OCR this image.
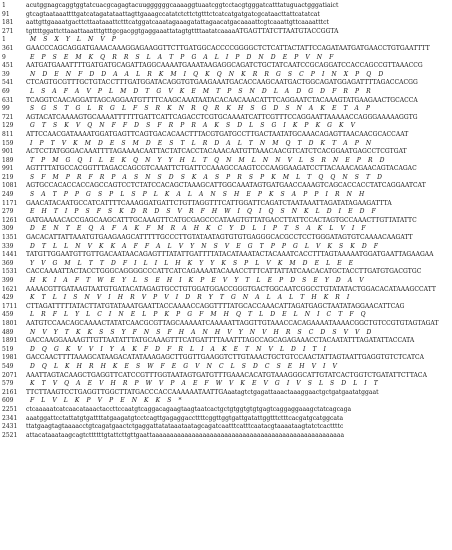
1	acutggnagcaggtggtatcuacgcagagtacuuggggggcaaaaggtuaatcggtcctacgtgggatcatttatuguactgggatiaict
91	gtcagtaataaattttgatcatagatataattagttgaaagccatatctcttctgtttctcatcatgatgatcgcataacttattcatatcat
181	aattgttgaaaatgacttcttaataaattctttcatggatcaaatagaaagatattagaacatgacaaaattcgtcaaattgttcaaaatttct
271	tgttttggattcttaaattaaatttgtttgcgacggtgaggaaattatagtgttttaatatcaaaaATGAGTTATCTTAATGTACCGGTA
1	M S X Y L N V P
361	GAACCCAGCAGGATGAAACAAAGGAGAAGGTTCTTGATGGCACCCCGGGGCTCTCATTACTATTCCAGATAATGATGAACCTGTGAATTTT
9	E P S E M K Q R R S L A T P G A L I P D N D E P V N F
451	AATGATGAAATTTTGATGATGCAGATTAGGCAAAATGAAATAAGAGGCAGATCTGCTATCAATCCGCAGGATCCACCAGCCGTTAAACCG
39	N D E N F D D A A L R K M I Q K Q N K R R G S C P I N X P Q D
541	CTCAGTGCGTTTGCTGTACCTTTGATGGATACAGGTGTGAAGAAATGACACCAAGCAATGACTGGCAGATGGAGATTTTAGACCACGG
69	L S A F A V P L M D T G V K E M T P S N D L A D G D F R P R
631	TCAGGTCAACAGGATTAGCAGGAATGTTTTCAAGCAAATAATACACAACAAACATTTCAGGAATCTACAAAGTATGAAGAACTGCACCA
99	S G S T G L R G L F S R K N R Q R K H S G D S N A K E T A P
721	AGTACATCAAAAGTGCAAAATTTTTTGATTCATTCAGACCTCGTGCAAAATCATTCGTTTCCAGGAATTAAAAACCAGGGAAAAAGGTG
129	G T S K V Q N F F D S F R P R A K S D L S G I K P K G K V
811	ATTCCAACGATAAAATGGATGAGTTCAGTGACACAACTTTACGTGATGCCTTGACTAATATGCAAACAGAGTTAACAACGCACCAAT
159	I P T V K M D E S M D E S T L R D A L T N M Q T D K T A P N
901	ACTCCTATGGGACAAATTTTAGAAAACAATTACTATCACCTACAAACAATGTTAAACAACGTCATCTCACGGAATGAGCCTCGTGAT
189	T P M G Q I L E K Q N Y Y H L T Q N M L N N V L S R N E P R D
991	AGTTTTATGCCACGGTTTAGACCAGCGTCAAATTCTGATTCCAAAGCCAAGTCCCAAGGAAGATCCTTACAAACAGAACAGTACAGAC
219	S F M P R F R P A S N S D S K A S P R S P K M L T Q Q N S T D
1081	AGTGCCACACCACCAGCCAGTCCTCTATCCACAGCTAAAGCATTGGCAAATAGTGATGAACCAAAGTCAGCACCACCTATCAGGAATCAT
249	S A T P P G S P L S P L K A L A N S H E P K S A P P I R N H
1171	GAACATACAATGCCATCATTTTCAAAGGATGATTCTGTTAGGTTTCATTGGATTCAGATCTAATAAATTAGATATAGAAGATTTA
279	E H T I P S F S K D R D S V R F H W I Q I Q S N K L D I E D F
1261	GATGAAAACACCGAGCAAGCATTTGCAAAGTTCATGCGAGCCCATAAGTGTTATGACCTTATTCCACTAGTGCCAAACTTGTTATATTC
309	D E N T E Q A F A K F M R A H K C Y D L I P T S A K L V I F
1351	GACACATTATTAAATGTGAAGAAGCATTTTTGCCCTTGTATAATAGTGTGTGAGGGCACGCCTCCTGGGATAGTGTCAAAACAAGATT
339	D T L L N V K K A F F A L V Y N S V E G T P P G L V K S K D F
1441	TATGTTGGAATGTTGTTGACAATAACAGAGTTTATATTGATTTTATACATAAATACTACAAATCACCTTTAGTAAAAATGGATGAATTAGAAGAA
369	Y V G M L T T D F I L I L H K Y Y K S P L V K M D E L E E
1531	CACCAAAATTACTACCTGGGCAGGGGCCCATTCATCAGAAAATACAAACCTTTCATTATTATCAACACATGCTACCTTGATGTGACGTGC
399	H K I A F T W E Y L S E H I K P E V Y T L E P D S E Y D A V
1621	AAAACGTTGATAAGTAATGTGATACATAGAGTGCCTGTGGATGGACCGGGTGACTGGCAATCGGCCTGTATATACTGGACACATAAAGCCATT
429	K T L I S N V I H R V P V I D R Y T G N A L A L T H K R I
1711	CTTAGATTTTTATACTTATGTATAAATGAATTACCAAAACCAGGTTTTATGCACCAAACATTAGATGAGCTAATATAGGAACATTCAG
459	L R F L Y L C I N E L P K P G F M H Q T L D E L N I C T F Q
1801	AATGTCCAACAGCAAAACTATATCAACGCGTTAGCAAAAATCAAAAATTAGGTTGTAAACCACAGAAAATAAAACGGCTGTCCGTGTAGTAGAT
489	N V Y T K K S S Y F N S F H A N H V Y N V H R S C D S V V D
1891	GACCAAGGAAAAGTTGTTAATATTTATGCAAAGTTTCATGATTTTAAATTTAGCCAGCAGAGAAACCTACAATATTTAGATATTACCATA
519	D Q G K V V I Y A K F D F R L I A K E T N V L D I T I
1981	GACCAACTTTTAAAGCATAAGACATATAAAGAGCTTGGTTGAAGGTCTTGTAAACTGCTGTCCAACTATTAGTAATTGAGGTGTCTCATCA
549	D Q L K H R H K E S W F E G V N C L S D C S E H V I V
2071	AAATTAGTACAAGCTGAGGTTCATCCGTTTGGTAATAGTGATGTTTGAAACACATGTAAAGGGCATTGTATCACTGGTCTGATATTCTTACA
579	K T V Q A E V H R P W V P A E F W V K E V G I V S L S D L I T
2161	TTCTTAAGTCCTGAGGTTGGCTTATGACCCACCAAAAAATAATTGAaatagtctgagattaaactaaaggaactgctgatgaatatggaat
609	F L V L K P V P E N K K S *
2251	ctcaaaaatcatcaacataaactaccttccaatgtcaggacagaagtaagtaatcactgctgtggtgtgtgagtcaggaggaaagctatcagcaga
2341	aaatggattcctattatgtgattttatgaagatgtcctcagttgagaggaccttttcggttggtgattgatattggtttctttcacgatgcatggcata
2431	ttatgaagtagtaaaacctgtcagatgaactctgaggattatataaataatagcagatcaatttcatttcaatacgtaaaataagtatctcacttttc
2521	attacataaataagcagtcttttttgtattcttgttgaattaaaaaaaaaaaaaaaaaaaaaaaaaaaaaaaaaaaaaaaaaaaaaaaaaaaaa
